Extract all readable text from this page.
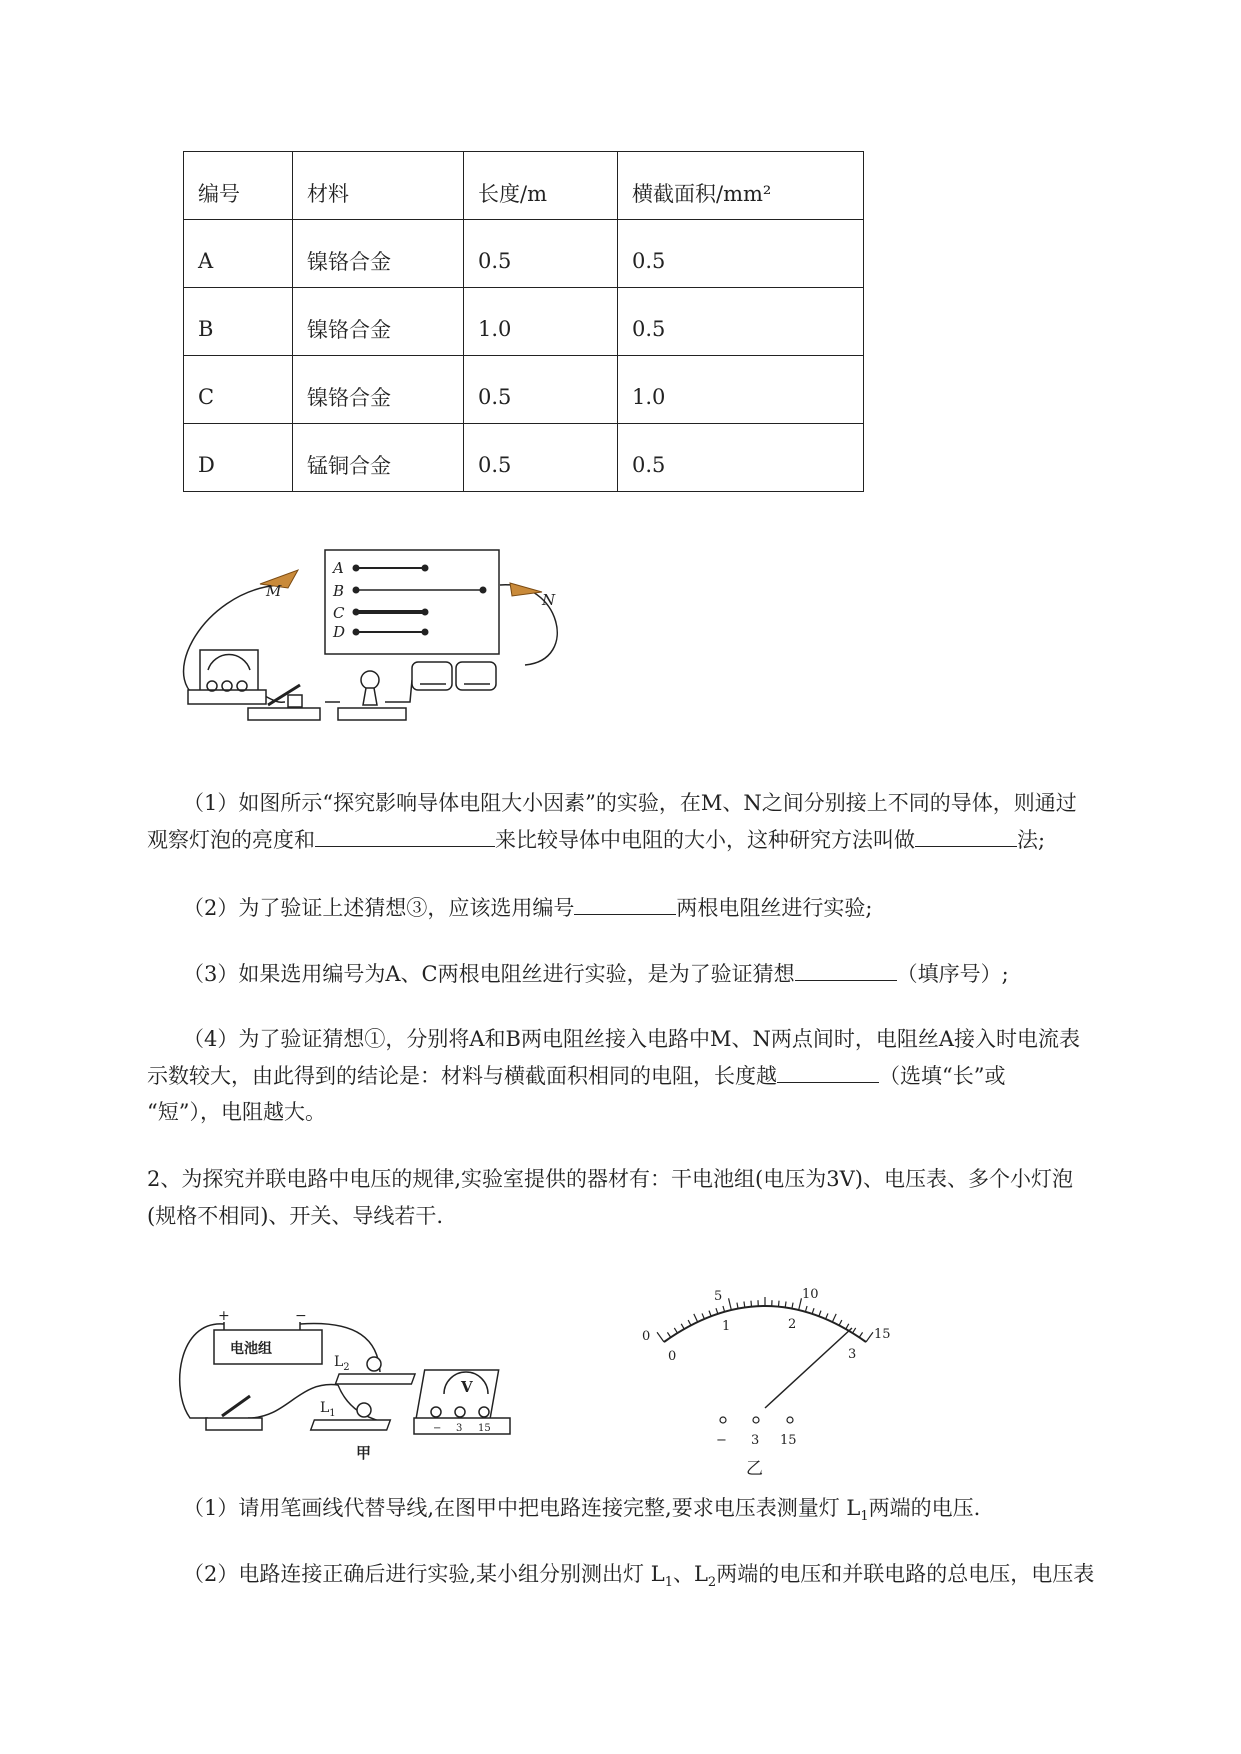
编号	材料	长度/m	横截面积/mm²
A	镍铬合金	0.5	0.5
B	镍铬合金	1.0	0.5
C	镍铬合金	0.5	1.0
D	锰铜合金	0.5	0.5
A
B
C
D
M	N
（1）如图所示“探究影响导体电阻大小因素”的实验，在M、N之间分别接上不同的导体，则通过
观察灯泡的亮度和	来比较导体中电阻的大小，这种研究方法叫做	法;
（2）为了验证上述猜想③，应该选用编号	两根电阻丝进行实验;
（3）如果选用编号为A、C两根电阻丝进行实验，是为了验证猜想	（填序号）;
（4）为了验证猜想①，分别将A和B两电阻丝接入电路中M、N两点间时，电阻丝A接入时电流表
示数较大，由此得到的结论是：材料与横截面积相同的电阻，长度越	（选填“长”或
“短”），电阻越大。
2、为探究并联电路中电压的规律,实验室提供的器材有：干电池组(电压为3V)、电压表、多个小灯泡
(规格不相同)、开关、导线若干.
电池组
+	−
$L_2$
$L_1$
V
− 3 15
甲
0
5	10
15
0
1	2
3
− 3 15
乙
（1）请用笔画线代替导线,在图甲中把电路连接完整,要求电压表测量灯 $L_1$两端的电压.
（2）电路连接正确后进行实验,某小组分别测出灯 $L_1$、$L_2$两端的电压和并联电路的总电压，电压表
